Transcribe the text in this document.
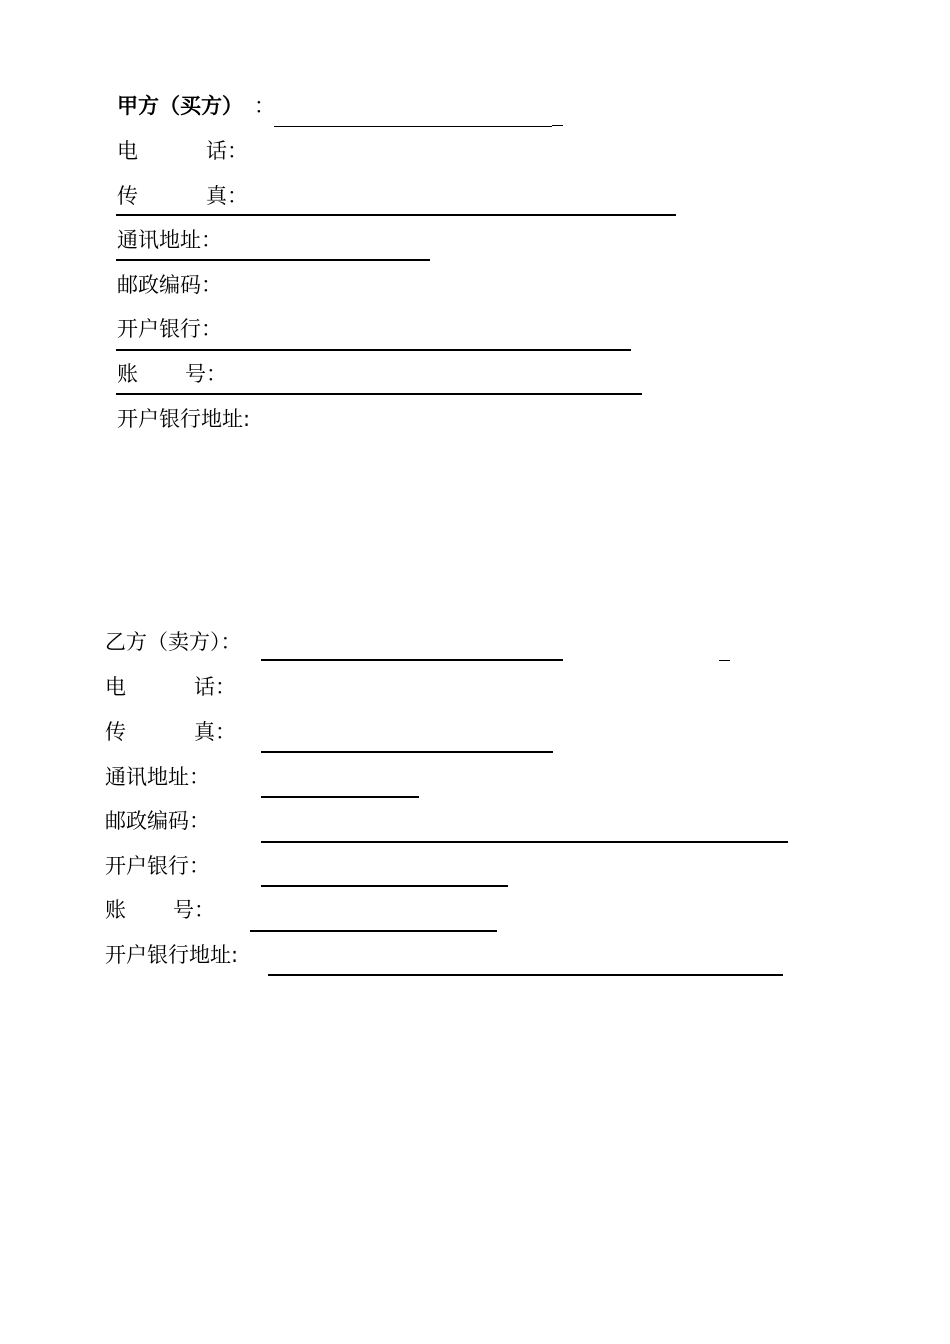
甲方（买方） ：
电	话：
传	真：
通讯地址：
邮政编码：
开户银行：
账 号：
开户银行地址:
乙方（卖方）：
电	话：
传	真：
通讯地址：
邮政编码：
开户银行：
账 号：
开户银行地址:
